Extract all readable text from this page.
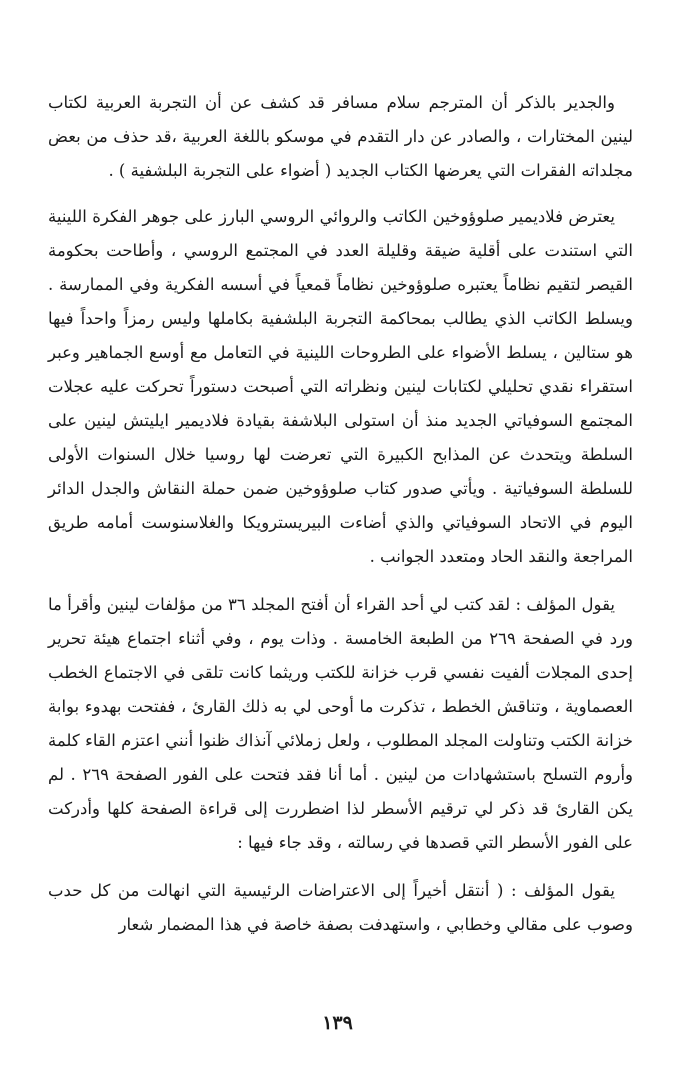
والجدير بالذكر أن المترجم سلام مسافر قد كشف عن أن التجربة العربية لكتاب لينين المختارات ، والصادر عن دار التقدم في موسكو باللغة العربية ،قد حذف من بعض مجلداته الفقرات التي يعرضها الكتاب الجديد ( أضواء على التجربة البلشفية ) .

يعترض فلاديمير صلوؤوخين الكاتب والروائي الروسي البارز على جوهر الفكرة اللينية التي استندت على أقلية ضيقة وقليلة العدد في المجتمع الروسي ، وأطاحت بحكومة القيصر لتقيم نظاماً يعتبره صلوؤوخين نظاماً قمعياً في أسسه الفكرية وفي الممارسة . ويسلط الكاتب الذي يطالب بمحاكمة التجربة البلشفية بكاملها وليس رمزاً واحداً فيها هو ستالين ، يسلط الأضواء على الطروحات اللينية في التعامل مع أوسع الجماهير وعبر استقراء نقدي تحليلي لكتابات لينين ونظراته التي أصبحت دستوراً تحركت عليه عجلات المجتمع السوفياتي الجديد منذ أن استولى البلاشفة بقيادة فلاديمير ايليتش لينين على السلطة ويتحدث عن المذابح الكبيرة التي تعرضت لها روسيا خلال السنوات الأولى للسلطة السوفياتية . ويأتي صدور كتاب صلوؤوخين ضمن حملة النقاش والجدل الدائر اليوم في الاتحاد السوفياتي والذي أضاءت البيريسترويكا والغلاسنوست أمامه طريق المراجعة والنقد الحاد ومتعدد الجوانب .

يقول المؤلف : لقد كتب لي أحد القراء أن أفتح المجلد ٣٦ من مؤلفات لينين وأقرأ ما ورد في الصفحة ٢٦٩ من الطبعة الخامسة . وذات يوم ، وفي أثناء اجتماع هيئة تحرير إحدى المجلات ألفيت نفسي قرب خزانة للكتب وريثما كانت تلقى في الاجتماع الخطب العصماوية ، وتناقش الخطط ، تذكرت ما أوحى لي به ذلك القارئ ، ففتحت بهدوء بوابة خزانة الكتب وتناولت المجلد المطلوب ، ولعل زملائي آنذاك ظنوا أنني اعتزم القاء كلمة وأروم التسلح باستشهادات من لينين . أما أنا فقد فتحت على الفور الصفحة ٢٦٩ . لم يكن القارئ قد ذكر لي ترقيم الأسطر لذا اضطررت إلى قراءة الصفحة كلها وأدركت على الفور الأسطر التي قصدها في رسالته ، وقد جاء فيها :

يقول المؤلف : ( أنتقل أخيراً إلى الاعتراضات الرئيسية التي انهالت من كل حدب وصوب على مقالي وخطابي ، واستهدفت بصفة خاصة في هذا المضمار شعار

١٣٩
